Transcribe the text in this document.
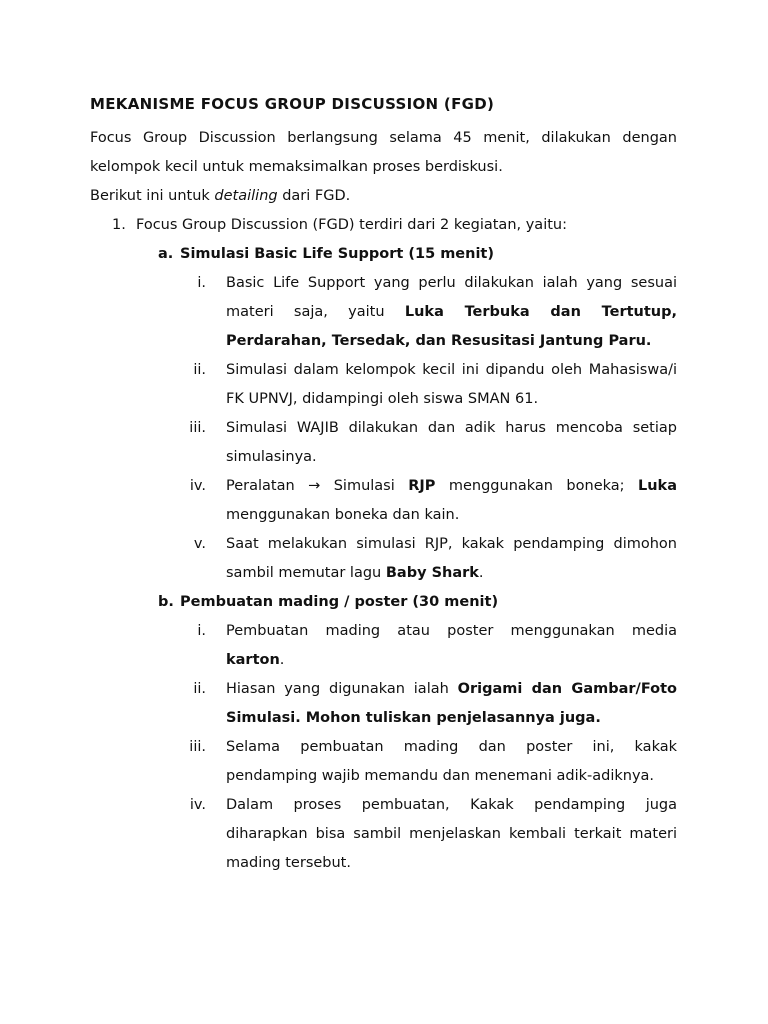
MEKANISME FOCUS GROUP DISCUSSION (FGD)

Focus Group Discussion berlangsung selama 45 menit, dilakukan dengan kelompok kecil untuk memaksimalkan proses berdiskusi.

Berikut ini untuk detailing dari FGD.

1. Focus Group Discussion (FGD) terdiri dari 2 kegiatan, yaitu:
a. Simulasi Basic Life Support (15 menit)
i. Basic Life Support yang perlu dilakukan ialah yang sesuai materi saja, yaitu Luka Terbuka dan Tertutup, Perdarahan, Tersedak, dan Resusitasi Jantung Paru.
ii. Simulasi dalam kelompok kecil ini dipandu oleh Mahasiswa/i FK UPNVJ, didampingi oleh siswa SMAN 61.
iii. Simulasi WAJIB dilakukan dan adik harus mencoba setiap simulasinya.
iv. Peralatan → Simulasi RJP menggunakan boneka; Luka menggunakan boneka dan kain.
v. Saat melakukan simulasi RJP, kakak pendamping dimohon sambil memutar lagu Baby Shark.
b. Pembuatan mading / poster (30 menit)
i. Pembuatan mading atau poster menggunakan media karton.
ii. Hiasan yang digunakan ialah Origami dan Gambar/Foto Simulasi. Mohon tuliskan penjelasannya juga.
iii. Selama pembuatan mading dan poster ini, kakak pendamping wajib memandu dan menemani adik-adiknya.
iv. Dalam proses pembuatan, Kakak pendamping juga diharapkan bisa sambil menjelaskan kembali terkait materi mading tersebut.
